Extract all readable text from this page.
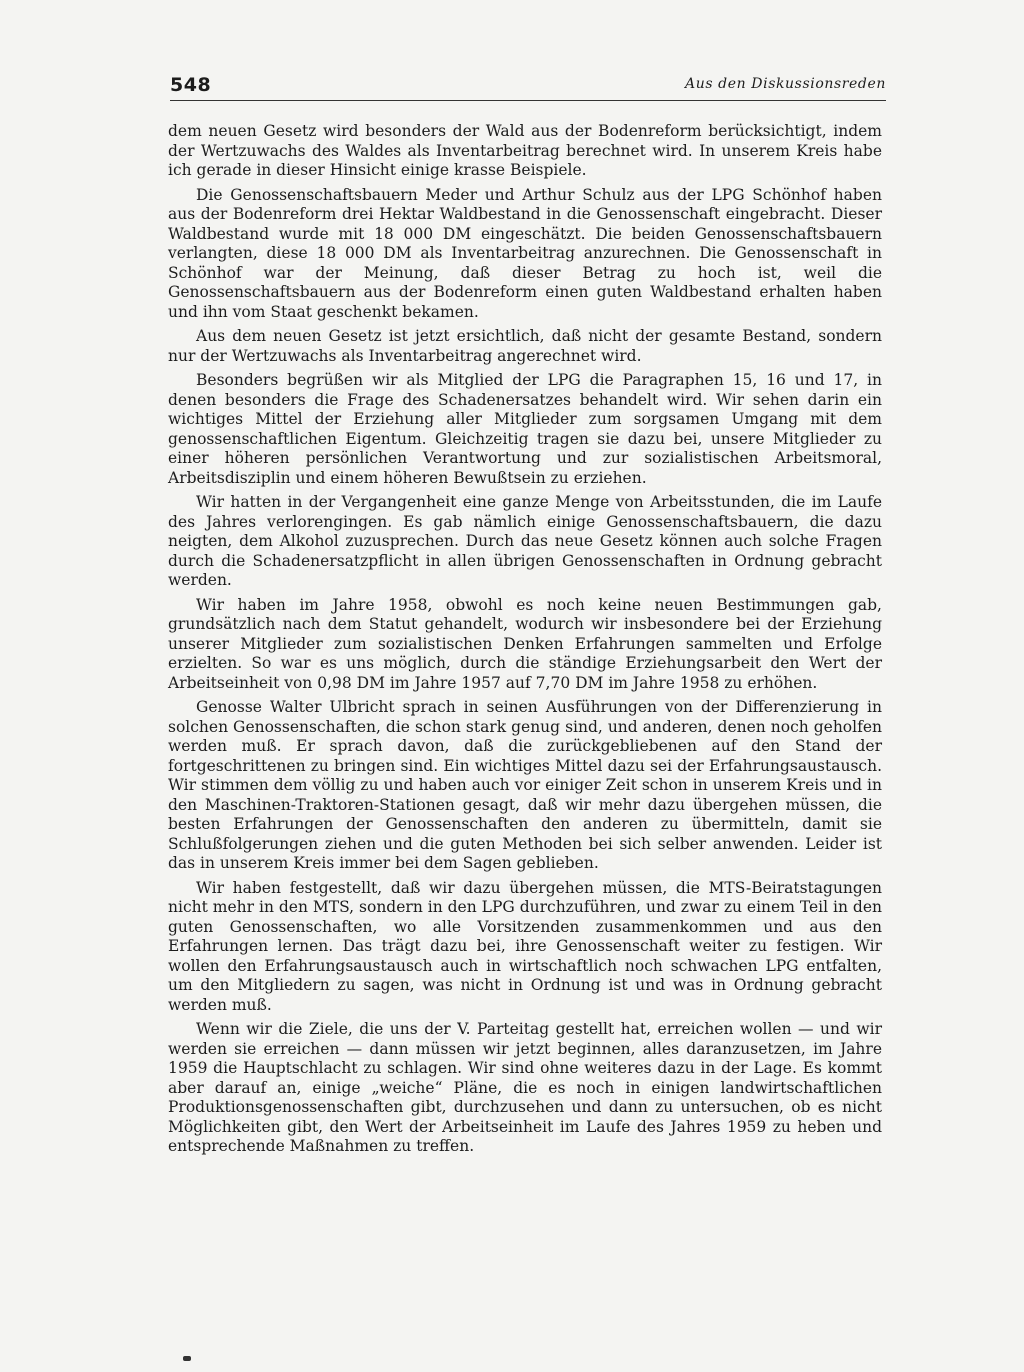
548	Aus den Diskussionsreden

dem neuen Gesetz wird besonders der Wald aus der Bodenreform berücksichtigt, indem der Wertzuwachs des Waldes als Inventarbeitrag berechnet wird. In unserem Kreis habe ich gerade in dieser Hinsicht einige krasse Beispiele.

Die Genossenschaftsbauern Meder und Arthur Schulz aus der LPG Schönhof haben aus der Bodenreform drei Hektar Waldbestand in die Genossenschaft eingebracht. Dieser Waldbestand wurde mit 18 000 DM eingeschätzt. Die beiden Genossenschaftsbauern verlangten, diese 18 000 DM als Inventarbeitrag anzurechnen. Die Genossenschaft in Schönhof war der Meinung, daß dieser Betrag zu hoch ist, weil die Genossenschaftsbauern aus der Bodenreform einen guten Waldbestand erhalten haben und ihn vom Staat geschenkt bekamen.

Aus dem neuen Gesetz ist jetzt ersichtlich, daß nicht der gesamte Bestand, sondern nur der Wertzuwachs als Inventarbeitrag angerechnet wird.

Besonders begrüßen wir als Mitglied der LPG die Paragraphen 15, 16 und 17, in denen besonders die Frage des Schadenersatzes behandelt wird. Wir sehen darin ein wichtiges Mittel der Erziehung aller Mitglieder zum sorgsamen Umgang mit dem genossenschaftlichen Eigentum. Gleichzeitig tragen sie dazu bei, unsere Mitglieder zu einer höheren persönlichen Verantwortung und zur sozialistischen Arbeitsmoral, Arbeitsdisziplin und einem höheren Bewußtsein zu erziehen.

Wir hatten in der Vergangenheit eine ganze Menge von Arbeitsstunden, die im Laufe des Jahres verlorengingen. Es gab nämlich einige Genossenschaftsbauern, die dazu neigten, dem Alkohol zuzusprechen. Durch das neue Gesetz können auch solche Fragen durch die Schadenersatzpflicht in allen übrigen Genossenschaften in Ordnung gebracht werden.

Wir haben im Jahre 1958, obwohl es noch keine neuen Bestimmungen gab, grundsätzlich nach dem Statut gehandelt, wodurch wir insbesondere bei der Erziehung unserer Mitglieder zum sozialistischen Denken Erfahrungen sammelten und Erfolge erzielten. So war es uns möglich, durch die ständige Erziehungsarbeit den Wert der Arbeitseinheit von 0,98 DM im Jahre 1957 auf 7,70 DM im Jahre 1958 zu erhöhen.

Genosse Walter Ulbricht sprach in seinen Ausführungen von der Differenzierung in solchen Genossenschaften, die schon stark genug sind, und anderen, denen noch geholfen werden muß. Er sprach davon, daß die zurückgebliebenen auf den Stand der fortgeschrittenen zu bringen sind. Ein wichtiges Mittel dazu sei der Erfahrungsaustausch. Wir stimmen dem völlig zu und haben auch vor einiger Zeit schon in unserem Kreis und in den Maschinen-Traktoren-Stationen gesagt, daß wir mehr dazu übergehen müssen, die besten Erfahrungen der Genossenschaften den anderen zu übermitteln, damit sie Schlußfolgerungen ziehen und die guten Methoden bei sich selber anwenden. Leider ist das in unserem Kreis immer bei dem Sagen geblieben.

Wir haben festgestellt, daß wir dazu übergehen müssen, die MTS-Beiratstagungen nicht mehr in den MTS, sondern in den LPG durchzuführen, und zwar zu einem Teil in den guten Genossenschaften, wo alle Vorsitzenden zusammenkommen und aus den Erfahrungen lernen. Das trägt dazu bei, ihre Genossenschaft weiter zu festigen. Wir wollen den Erfahrungsaustausch auch in wirtschaftlich noch schwachen LPG entfalten, um den Mitgliedern zu sagen, was nicht in Ordnung ist und was in Ordnung gebracht werden muß.

Wenn wir die Ziele, die uns der V. Parteitag gestellt hat, erreichen wollen — und wir werden sie erreichen — dann müssen wir jetzt beginnen, alles daranzusetzen, im Jahre 1959 die Hauptschlacht zu schlagen. Wir sind ohne weiteres dazu in der Lage. Es kommt aber darauf an, einige „weiche“ Pläne, die es noch in einigen landwirtschaftlichen Produktionsgenossenschaften gibt, durchzusehen und dann zu untersuchen, ob es nicht Möglichkeiten gibt, den Wert der Arbeitseinheit im Laufe des Jahres 1959 zu heben und entsprechende Maßnahmen zu treffen.
